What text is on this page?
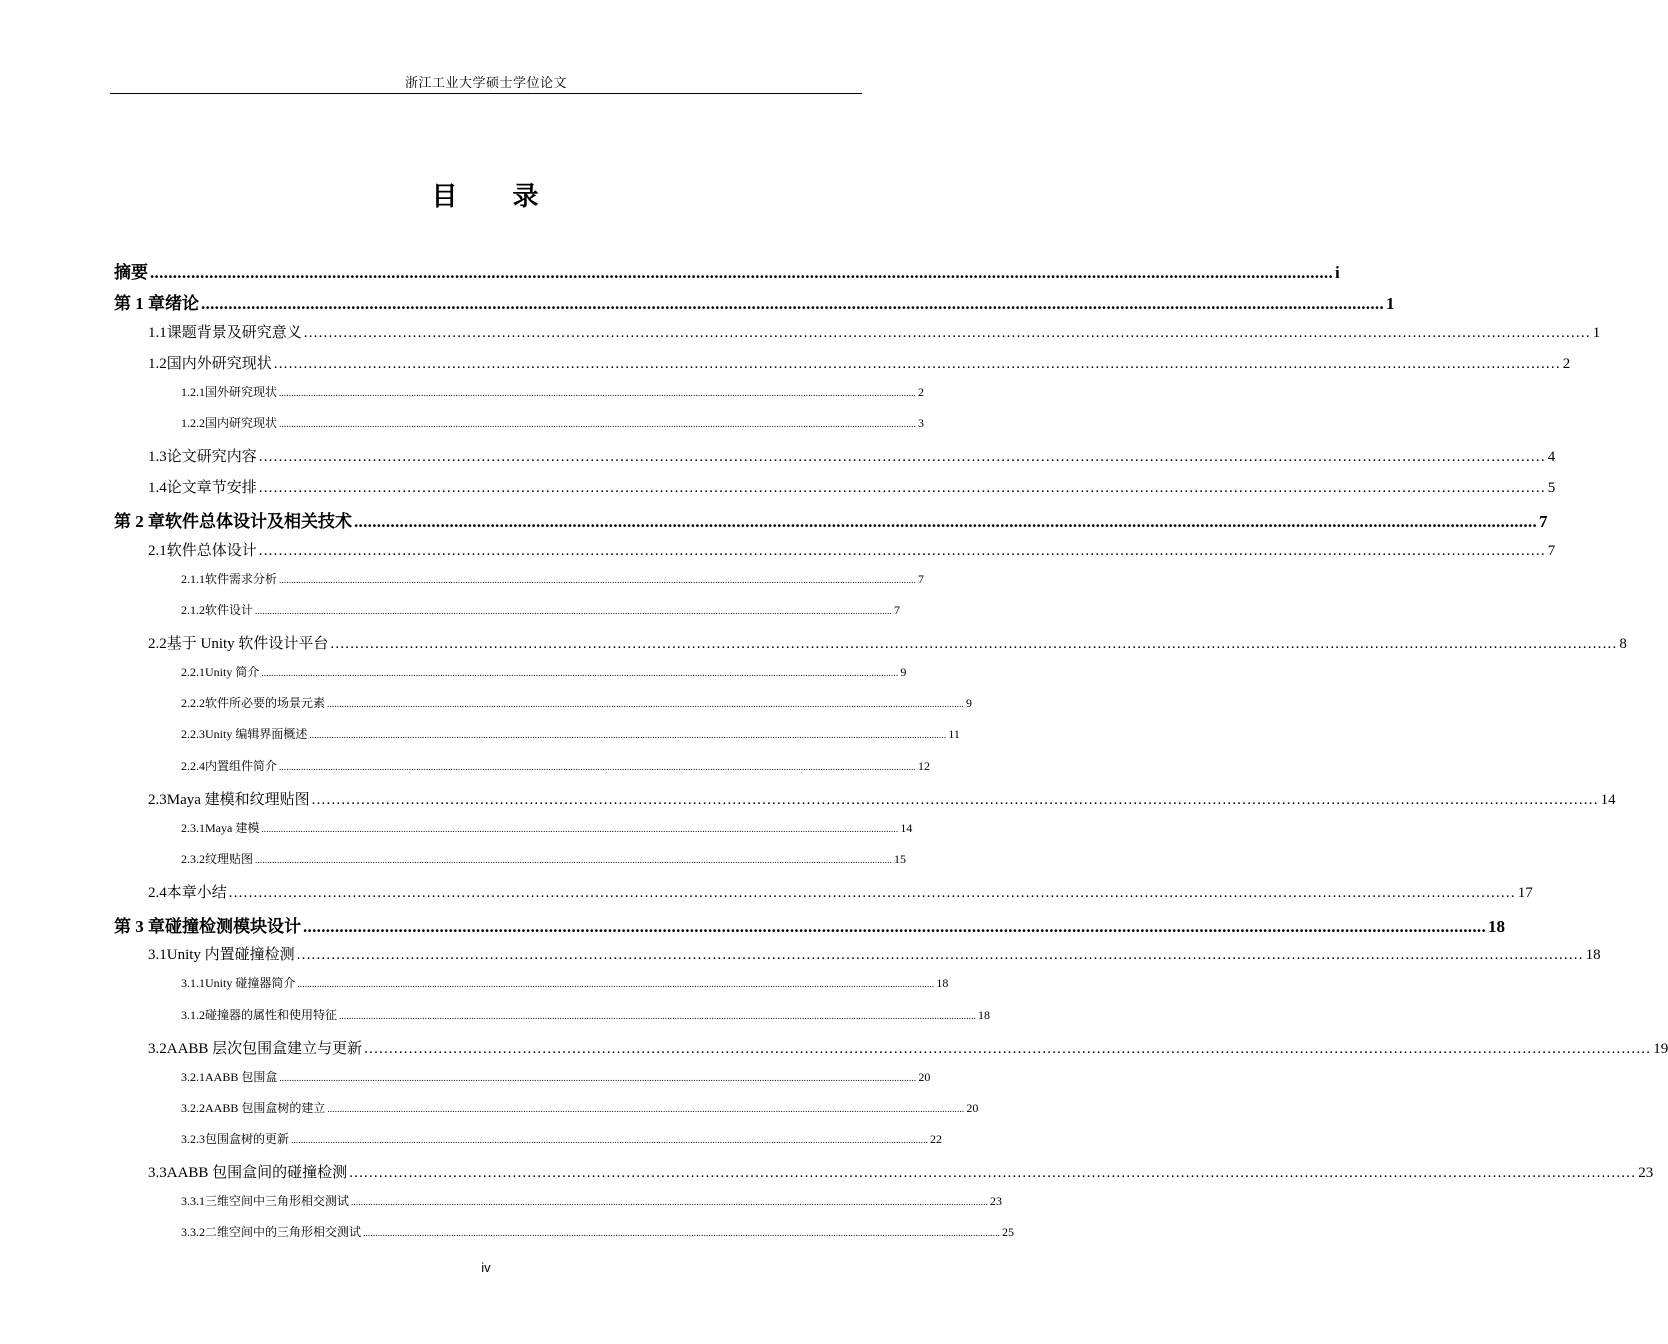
浙江工业大学硕士学位论文
目 录
摘要 .................................................................................................................................................................................................................................................................... i
第 1 章 绪论 .................................................................................................................................................................................................................................................................... 1
1.1 课题背景及研究意义 .................................................................................................................................................................................................................................................................... 1
1.2 国内外研究现状 .................................................................................................................................................................................................................................................................... 2
1.2.1 国外研究现状 .................................................................................................................................................................................................................................................................... 2
1.2.2 国内研究现状 .................................................................................................................................................................................................................................................................... 3
1.3 论文研究内容 .................................................................................................................................................................................................................................................................... 4
1.4 论文章节安排 .................................................................................................................................................................................................................................................................... 5
第 2 章 软件总体设计及相关技术 .................................................................................................................................................................................................................................................................... 7
2.1 软件总体设计 .................................................................................................................................................................................................................................................................... 7
2.1.1 软件需求分析 .................................................................................................................................................................................................................................................................... 7
2.1.2 软件设计 .................................................................................................................................................................................................................................................................... 7
2.2 基于 Unity 软件设计平台 .................................................................................................................................................................................................................................................................... 8
2.2.1 Unity 简介 .................................................................................................................................................................................................................................................................... 9
2.2.2 软件所必要的场景元素 .................................................................................................................................................................................................................................................................... 9
2.2.3 Unity 编辑界面概述 .................................................................................................................................................................................................................................................................... 11
2.2.4 内置组件简介 .................................................................................................................................................................................................................................................................... 12
2.3 Maya 建模和纹理贴图 .................................................................................................................................................................................................................................................................... 14
2.3.1 Maya 建模 .................................................................................................................................................................................................................................................................... 14
2.3.2 纹理贴图 .................................................................................................................................................................................................................................................................... 15
2.4 本章小结 .................................................................................................................................................................................................................................................................... 17
第 3 章 碰撞检测模块设计 .................................................................................................................................................................................................................................................................... 18
3.1 Unity 内置碰撞检测 .................................................................................................................................................................................................................................................................... 18
3.1.1 Unity 碰撞器简介 .................................................................................................................................................................................................................................................................... 18
3.1.2 碰撞器的属性和使用特征 .................................................................................................................................................................................................................................................................... 18
3.2 AABB 层次包围盒建立与更新 .................................................................................................................................................................................................................................................................... 19
3.2.1 AABB 包围盒 .................................................................................................................................................................................................................................................................... 20
3.2.2 AABB 包围盒树的建立 .................................................................................................................................................................................................................................................................... 20
3.2.3 包围盒树的更新 .................................................................................................................................................................................................................................................................... 22
3.3 AABB 包围盒间的碰撞检测 .................................................................................................................................................................................................................................................................... 23
3.3.1 三维空间中三角形相交测试 .................................................................................................................................................................................................................................................................... 23
3.3.2 二维空间中的三角形相交测试 .................................................................................................................................................................................................................................................................... 25
iv
